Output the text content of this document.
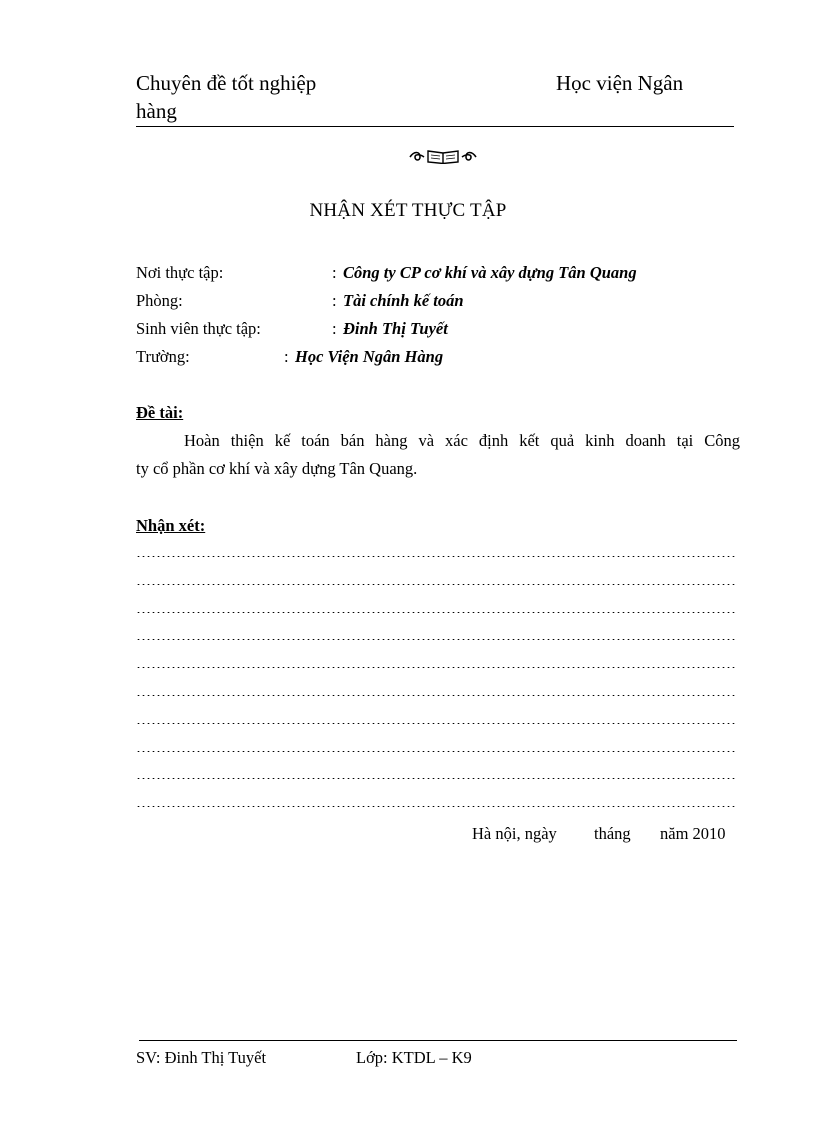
Chuyên đề tốt nghiệp	Học viện Ngân
hàng
NHẬN XÉT THỰC TẬP
Nơi thực tập:	: Công ty CP cơ khí và xây dựng Tân Quang
Phòng:	: Tài chính kế toán
Sinh viên thực tập:	: Đinh Thị Tuyết
Trường:	: Học Viện Ngân Hàng
Đề tài:
Hoàn thiện kế toán bán hàng và xác định kết quả kinh doanh tại Công
ty cổ phần cơ khí và xây dựng Tân Quang.
Nhận xét:
Hà nội, ngày tháng năm 2010
SV: Đinh Thị Tuyết	Lớp: KTDL – K9
